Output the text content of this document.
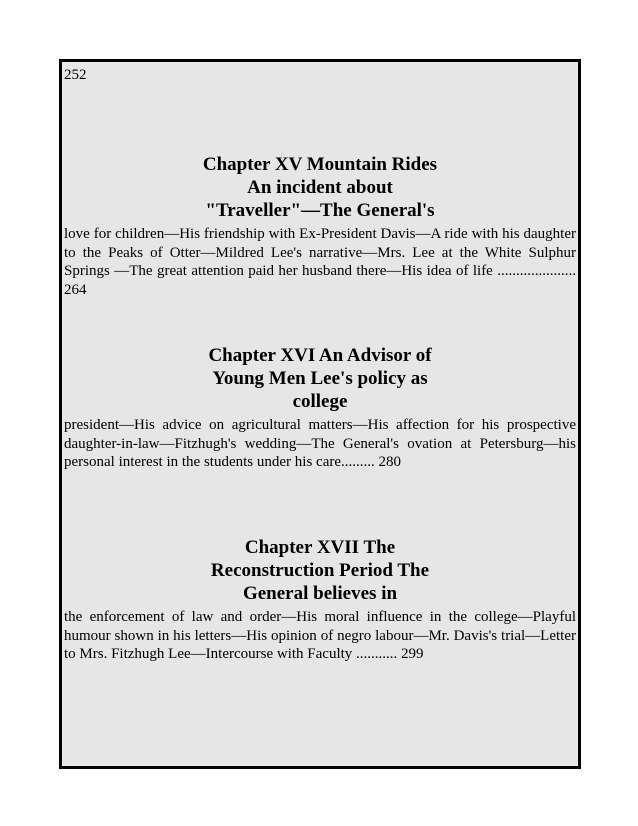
252
Chapter XV Mountain Rides An incident about "Traveller"—The General's
love for children—His friendship with Ex-President Davis—A ride with his daughter to the Peaks of Otter—Mildred Lee's narrative—Mrs. Lee at the White Sulphur Springs —The great attention paid her husband there—His idea of life ..................... 264
Chapter XVI An Advisor of Young Men Lee's policy as college
president—His advice on agricultural matters—His affection for his prospective daughter-in-law—Fitzhugh's wedding—The General's ovation at Petersburg—his personal interest in the students under his care......... 280
Chapter XVII The Reconstruction Period The General believes in
the enforcement of law and order—His moral influence in the college—Playful humour shown in his letters—His opinion of negro labour—Mr. Davis's trial—Letter to Mrs. Fitzhugh Lee—Intercourse with Faculty ........... 299
